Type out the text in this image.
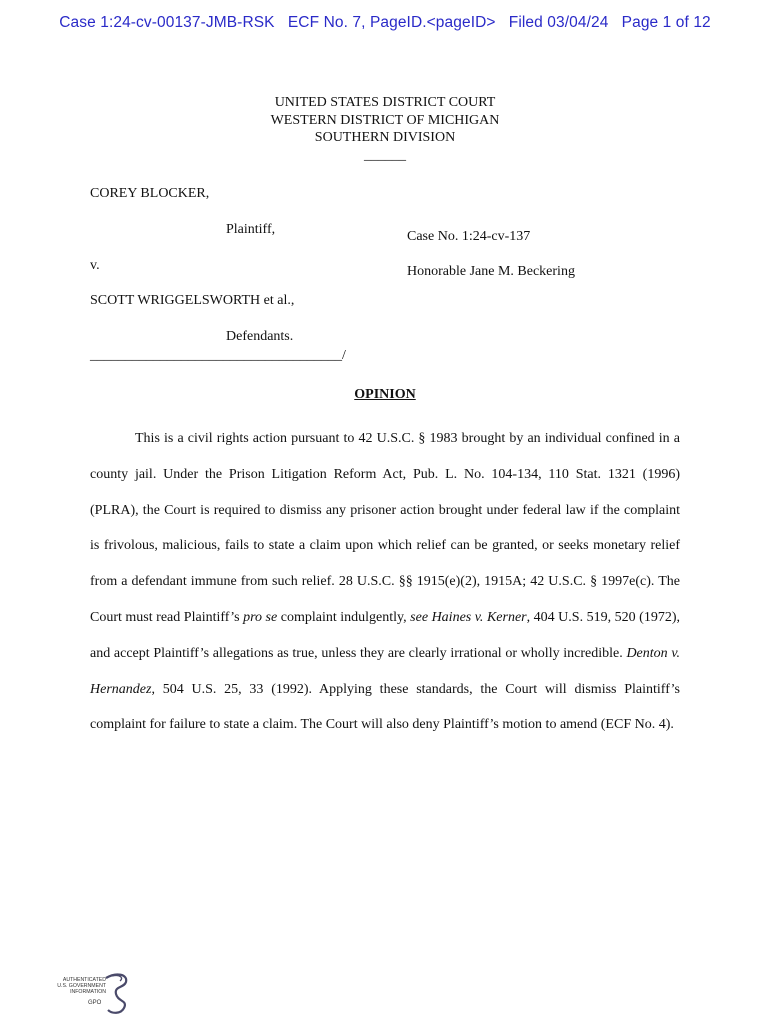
Case 1:24-cv-00137-JMB-RSK ECF No. 7, PageID.<pageID> Filed 03/04/24 Page 1 of 12
UNITED STATES DISTRICT COURT
WESTERN DISTRICT OF MICHIGAN
SOUTHERN DIVISION
______
COREY BLOCKER,
Plaintiff,
v.
SCOTT WRIGGELSWORTH et al.,
Defendants.
____________________________________/
Case No. 1:24-cv-137
Honorable Jane M. Beckering
OPINION

This is a civil rights action pursuant to 42 U.S.C. § 1983 brought by an individual confined in a county jail. Under the Prison Litigation Reform Act, Pub. L. No. 104-134, 110 Stat. 1321 (1996) (PLRA), the Court is required to dismiss any prisoner action brought under federal law if the complaint is frivolous, malicious, fails to state a claim upon which relief can be granted, or seeks monetary relief from a defendant immune from such relief. 28 U.S.C. §§ 1915(e)(2), 1915A; 42 U.S.C. § 1997e(c). The Court must read Plaintiff’s pro se complaint indulgently, see Haines v. Kerner, 404 U.S. 519, 520 (1972), and accept Plaintiff’s allegations as true, unless they are clearly irrational or wholly incredible. Denton v. Hernandez, 504 U.S. 25, 33 (1992). Applying these standards, the Court will dismiss Plaintiff’s complaint for failure to state a claim. The Court will also deny Plaintiff’s motion to amend (ECF No. 4).

AUTHENTICATED
U.S. GOVERNMENT
INFORMATION
GPO
